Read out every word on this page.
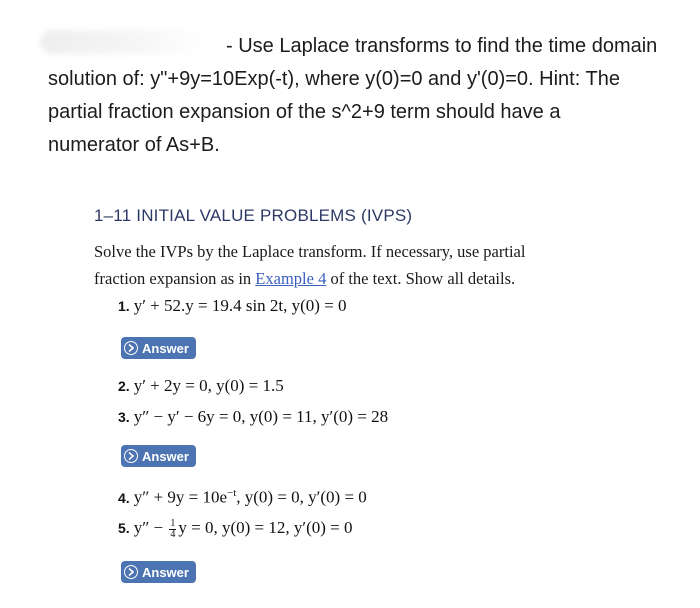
- Use Laplace transforms to find the time domain
solution of: y"+9y=10Exp(-t), where y(0)=0 and y'(0)=0. Hint: The
partial fraction expansion of the s^2+9 term should have a
numerator of As+B.
1–11 INITIAL VALUE PROBLEMS (IVPS)
Solve the IVPs by the Laplace transform. If necessary, use partial
fraction expansion as in Example 4 of the text. Show all details.
1. y′ + 52.y = 19.4 sin 2t, y(0) = 0
Answer
2. y′ + 2y = 0, y(0) = 1.5
3. y″ − y′ − 6y = 0, y(0) = 11, y′(0) = 28
Answer
4. $y'' + 9y = 10e^{-t}$, y(0) = 0, y′(0) = 0
5. $y'' - \frac{1}{4}$ y = 0, y(0) = 12, y′(0) = 0
Answer
